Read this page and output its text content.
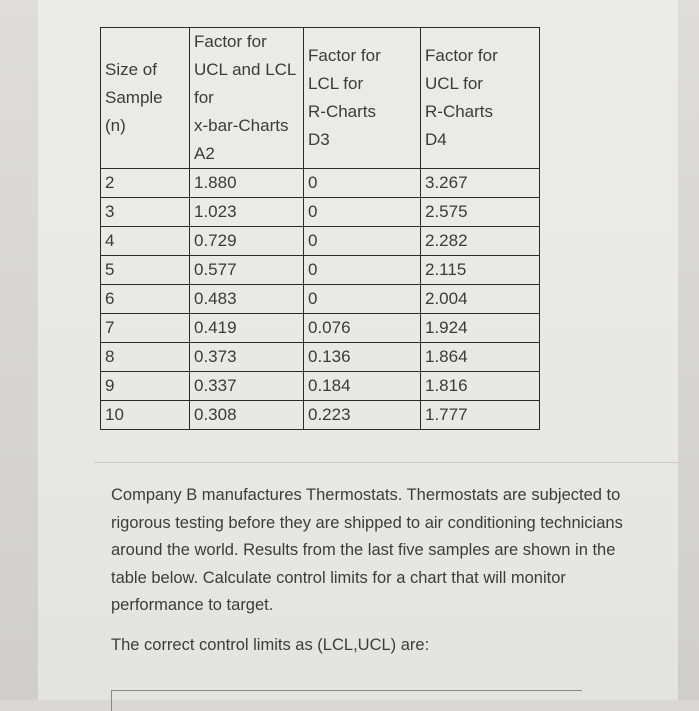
Size of
Sample
(n)	Factor for
UCL and LCL
for
x-bar-Charts
A2	Factor for
LCL for
R-Charts
D3	Factor for
UCL for
R-Charts
D4

2	1.880	0	3.267
3	1.023	0	2.575
4	0.729	0	2.282
5	0.577	0	2.115
6	0.483	0	2.004
7	0.419	0.076	1.924
8	0.373	0.136	1.864
9	0.337	0.184	1.816
10	0.308	0.223	1.777

Company B manufactures Thermostats. Thermostats are subjected to rigorous testing before they are shipped to air conditioning technicians around the world. Results from the last five samples are shown in the table below. Calculate control limits for a chart that will monitor performance to target.

The correct control limits as (LCL,UCL) are:
